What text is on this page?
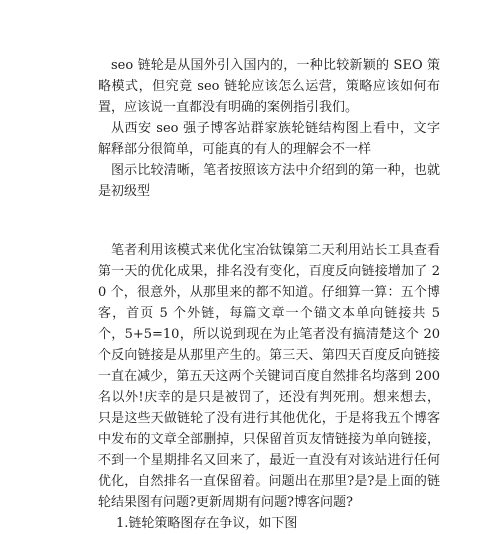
seo 链轮是从国外引入国内的，一种比较新颖的 SEO 策略模式，但究竟 seo 链轮应该怎么运营，策略应该如何布置，应该说一直都没有明确的案例指引我们。

从西安 seo 强子博客站群家族轮链结构图上看中，文字解释部分很简单，可能真的有人的理解会不一样

图示比较清晰，笔者按照该方法中介绍到的第一种，也就是初级型

笔者利用该模式来优化宝冶钛镍第二天利用站长工具查看第一天的优化成果，排名没有变化，百度反向链接增加了 20 个，很意外，从那里来的都不知道。仔细算一算：五个博客，首页 5 个外链，每篇文章一个锚文本单向链接共 5 个，5+5=10，所以说到现在为止笔者没有搞清楚这个 20 个反向链接是从那里产生的。第三天、第四天百度反向链接一直在减少，第五天这两个关键词百度自然排名均落到 200 名以外!庆幸的是只是被罚了，还没有判死刑。想来想去，只是这些天做链轮了没有进行其他优化，于是将我五个博客中发布的文章全部删掉，只保留首页友情链接为单向链接，不到一个星期排名又回来了，最近一直没有对该站进行任何优化，自然排名一直保留着。问题出在那里?是?是上面的链轮结果图有问题?更新周期有问题?博客问题?

1.链轮策略图存在争议，如下图
